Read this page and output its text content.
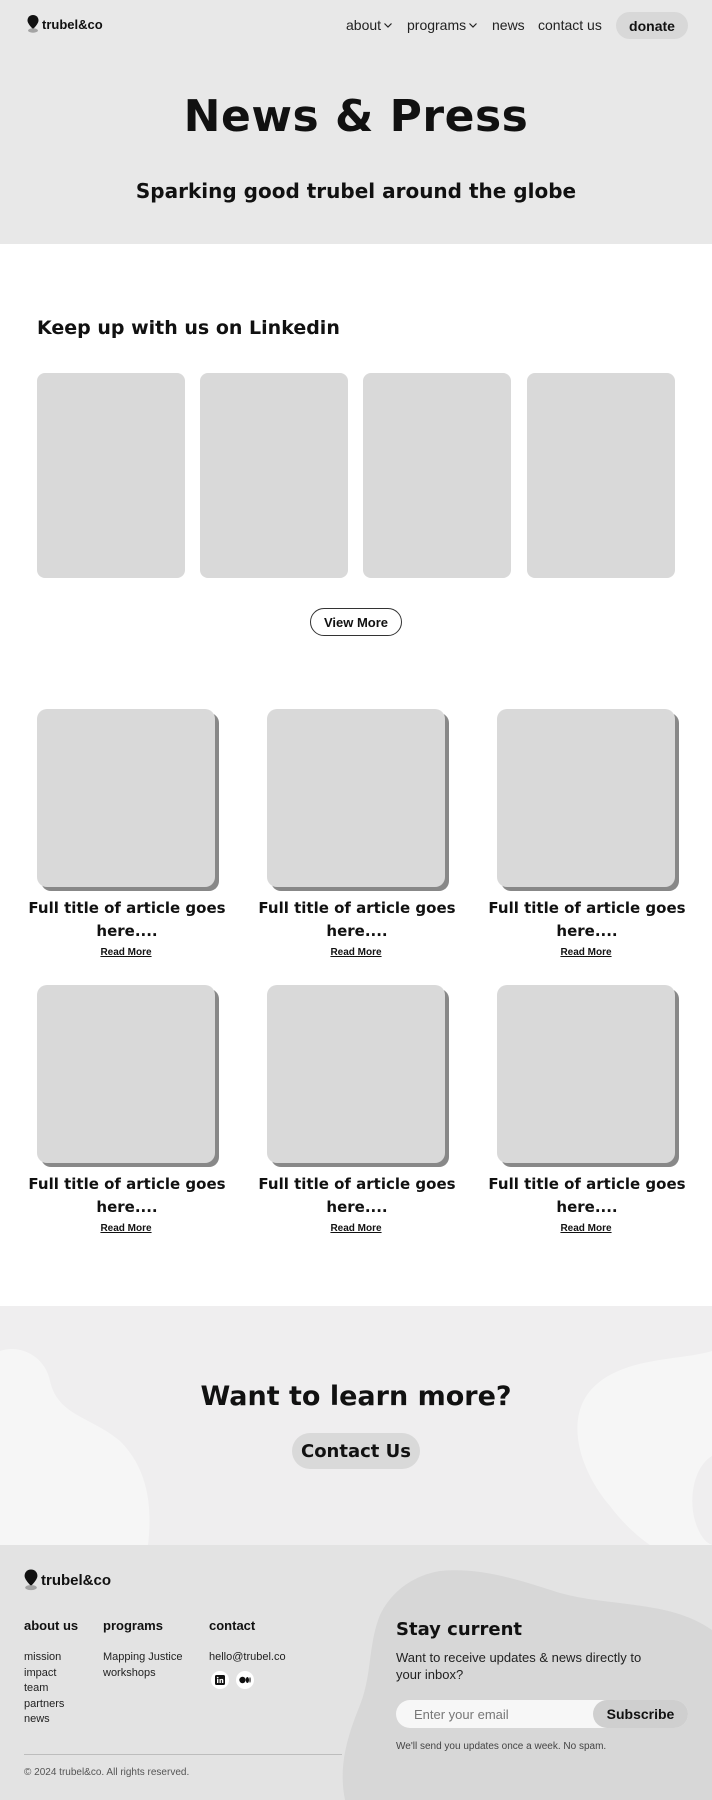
trubel&co	about programs news contact us	donate
News & Press
Sparking good trubel around the globe
Keep up with us on Linkedin
View More
Full title of article goes here....
Read More
Full title of article goes here....
Read More
Full title of article goes here....
Read More
Full title of article goes here....
Read More
Full title of article goes here....
Read More
Full title of article goes here....
Read More
Want to learn more?
Contact Us
trubel&co
about us
mission
impact
team
partners
news
programs
Mapping Justice
workshops
contact
hello@trubel.co
Stay current
Want to receive updates & news directly to your inbox?
Enter your email
Subscribe
We'll send you updates once a week. No spam.
© 2024 trubel&co. All rights reserved.
